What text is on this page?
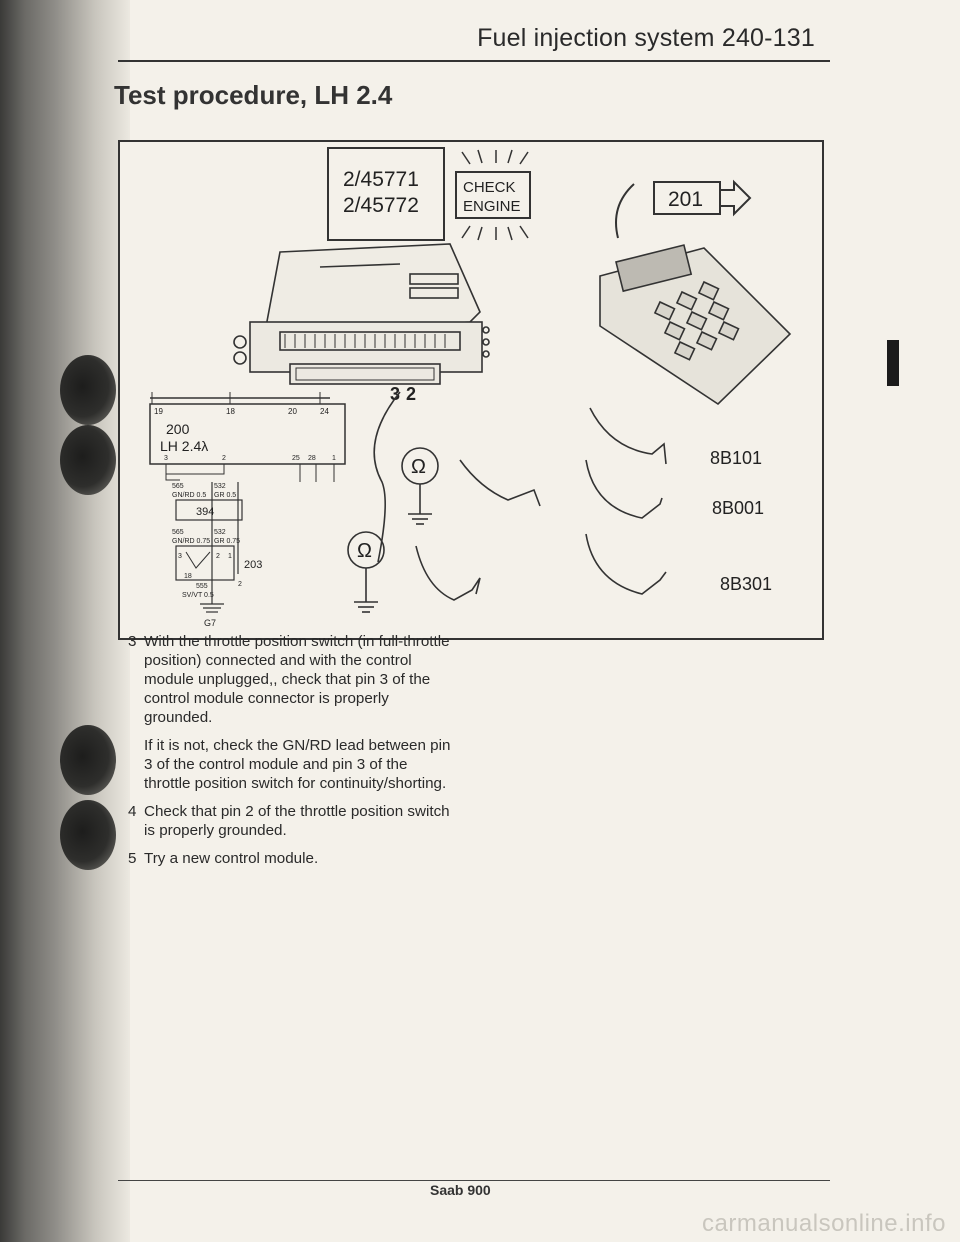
Fuel injection system 240-131
Test procedure, LH 2.4
2/45771
2/45772
CHECK
ENGINE
3 2
19	18	20	24
200
LH 2.4λ
3	2	25 28 1
565
GN/RD 0.5
532
GR 0.5
565
GN/RD 0.75
532
GR 0.75
555
SV/VT 0.5
394
3	2 1
18
2
203
G7
Ω
Ω
201
8B101
8B001
8B301
3 With the throttle position switch (in full-throttle position) connected and with the control module unplugged,, check that pin 3 of the control module connector is properly grounded.

If it is not, check the GN/RD lead between pin 3 of the control module and pin 3 of the throttle position switch for continuity/shorting.

4 Check that pin 2 of the throttle position switch is properly grounded.

5 Try a new control module.

Saab 900
carmanualsonline.info
